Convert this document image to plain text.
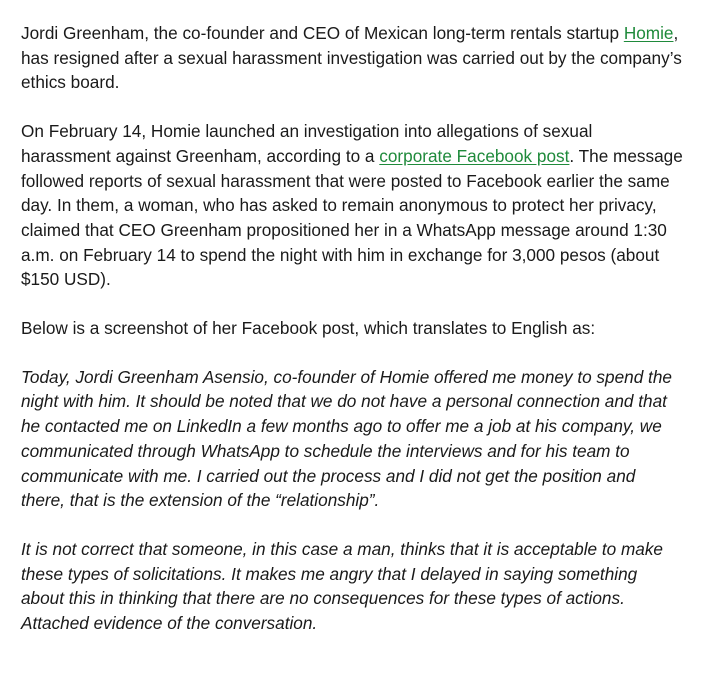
Jordi Greenham, the co-founder and CEO of Mexican long-term rentals startup Homie, has resigned after a sexual harassment investigation was carried out by the company’s ethics board.

On February 14, Homie launched an investigation into allegations of sexual harassment against Greenham, according to a corporate Facebook post. The message followed reports of sexual harassment that were posted to Facebook earlier the same day. In them, a woman, who has asked to remain anonymous to protect her privacy, claimed that CEO Greenham propositioned her in a WhatsApp message around 1:30 a.m. on February 14 to spend the night with him in exchange for 3,000 pesos (about $150 USD).

Below is a screenshot of her Facebook post, which translates to English as:

Today, Jordi Greenham Asensio, co-founder of Homie offered me money to spend the night with him. It should be noted that we do not have a personal connection and that he contacted me on LinkedIn a few months ago to offer me a job at his company, we communicated through WhatsApp to schedule the interviews and for his team to communicate with me. I carried out the process and I did not get the position and there, that is the extension of the “relationship”.

It is not correct that someone, in this case a man, thinks that it is acceptable to make these types of solicitations. It makes me angry that I delayed in saying something about this in thinking that there are no consequences for these types of actions. Attached evidence of the conversation.
